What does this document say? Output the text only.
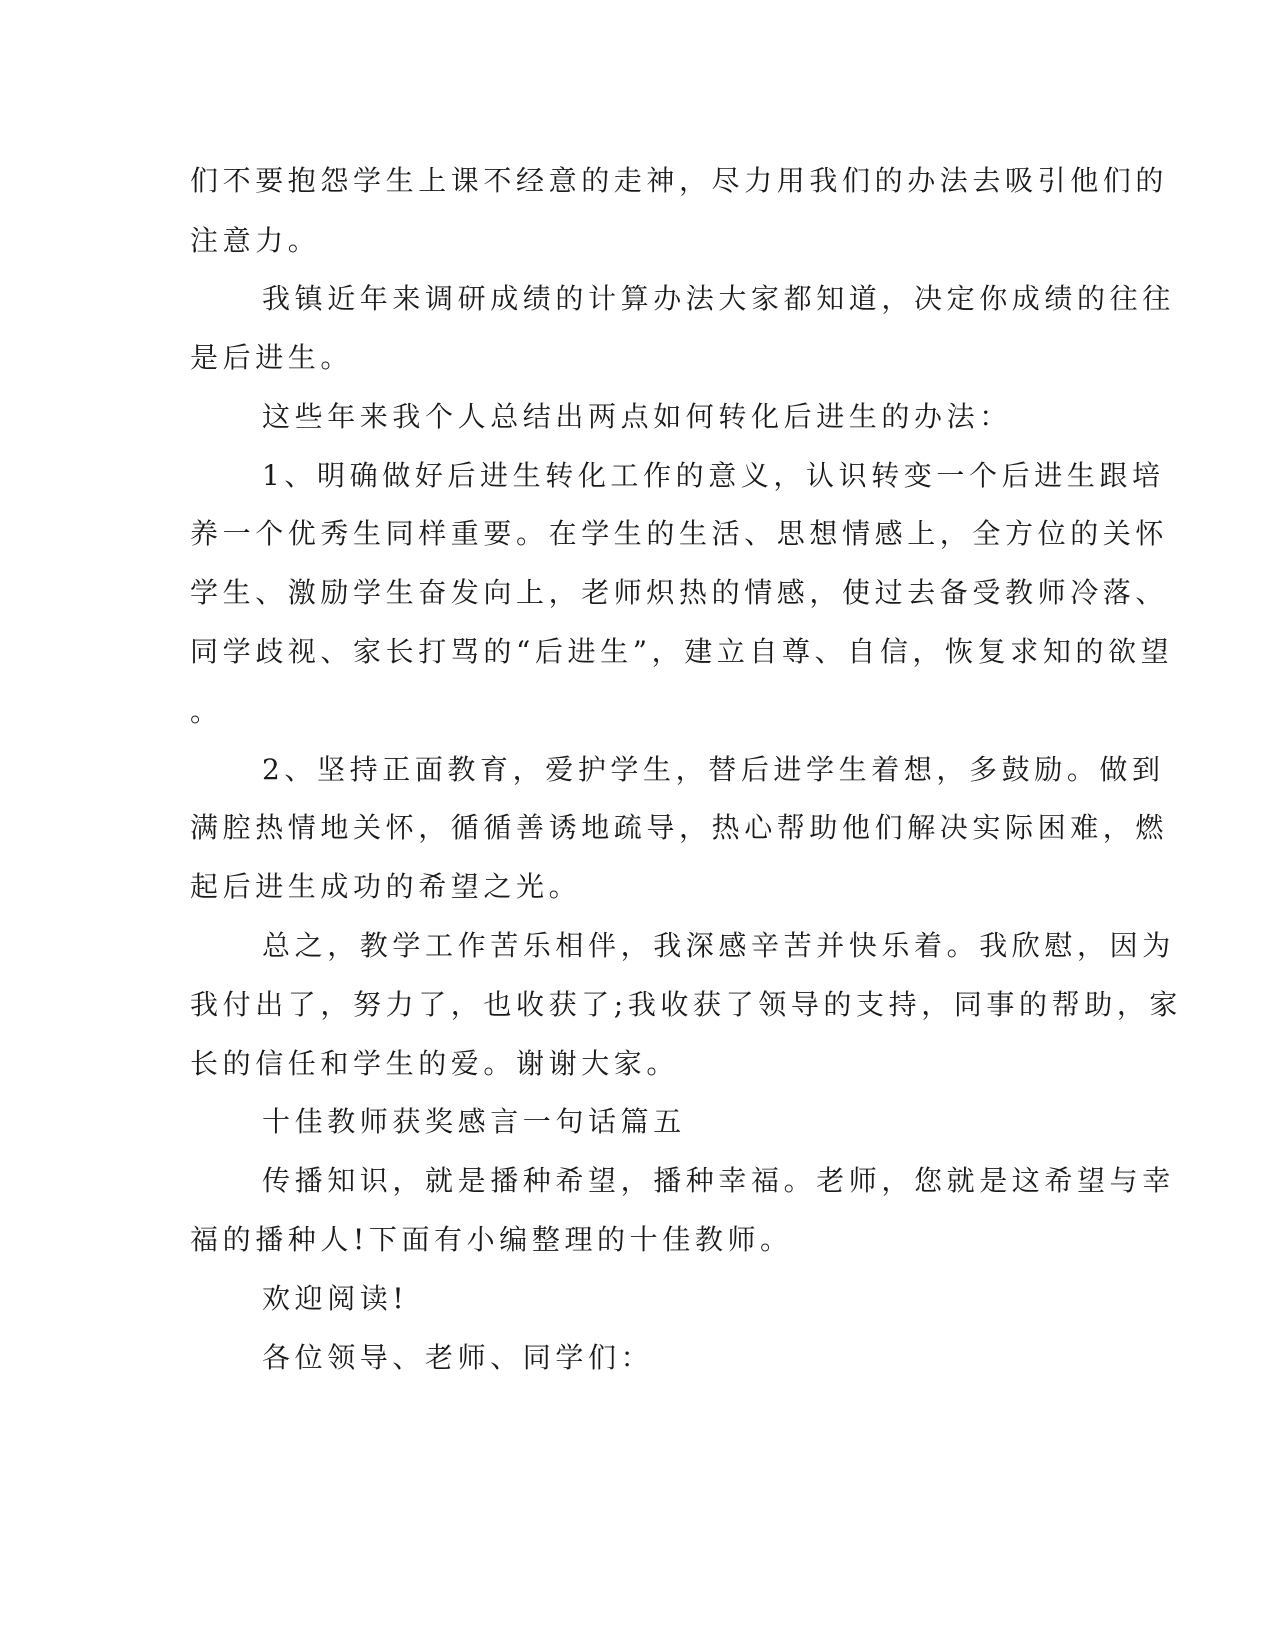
们不要抱怨学生上课不经意的走神，尽力用我们的办法去吸引他们的
注意力。
我镇近年来调研成绩的计算办法大家都知道，决定你成绩的往往
是后进生。
这些年来我个人总结出两点如何转化后进生的办法：
1、明确做好后进生转化工作的意义，认识转变一个后进生跟培
养一个优秀生同样重要。在学生的生活、思想情感上，全方位的关怀
学生、激励学生奋发向上，老师炽热的情感，使过去备受教师冷落、
同学歧视、家长打骂的“后进生”，建立自尊、自信，恢复求知的欲望
。
2、坚持正面教育，爱护学生，替后进学生着想，多鼓励。做到
满腔热情地关怀，循循善诱地疏导，热心帮助他们解决实际困难，燃
起后进生成功的希望之光。
总之，教学工作苦乐相伴，我深感辛苦并快乐着。我欣慰，因为
我付出了，努力了，也收获了;我收获了领导的支持，同事的帮助，家
长的信任和学生的爱。谢谢大家。
十佳教师获奖感言一句话篇五
传播知识，就是播种希望，播种幸福。老师，您就是这希望与幸
福的播种人!下面有小编整理的十佳教师。
欢迎阅读!
各位领导、老师、同学们：
